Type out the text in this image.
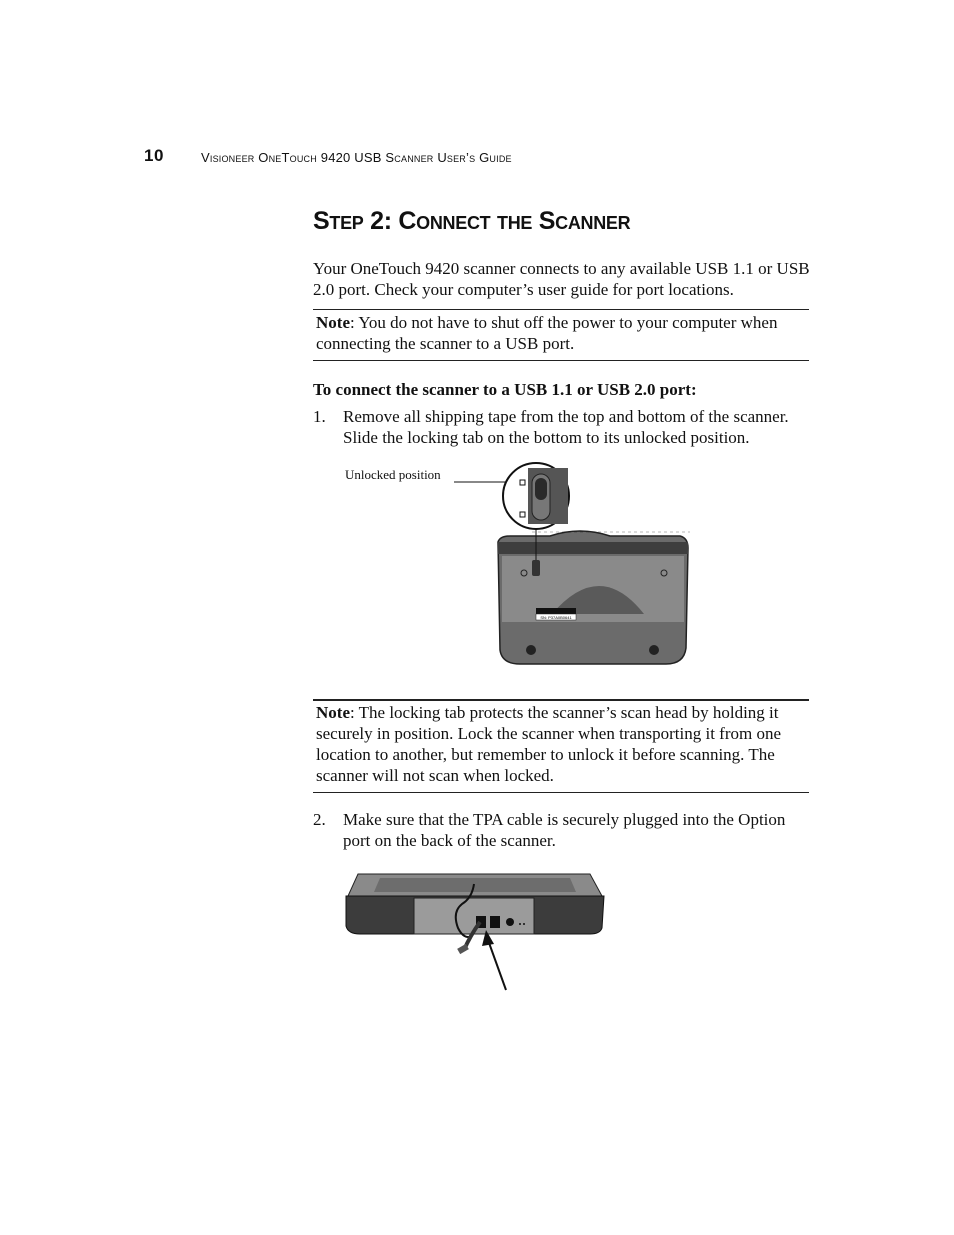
10	Visioneer OneTouch 9420 USB Scanner User’s Guide
Step 2: Connect the Scanner
Your OneTouch 9420 scanner connects to any available USB 1.1 or USB 2.0 port. Check your computer’s user guide for port locations.
Note: You do not have to shut off the power to your computer when connecting the scanner to a USB port.
To connect the scanner to a USB 1.1 or USB 2.0 port:
1. Remove all shipping tape from the top and bottom of the scanner. Slide the locking tab on the bottom to its unlocked position.
Unlocked position
SN: P37A0B0641
Note: The locking tab protects the scanner’s scan head by holding it securely in position. Lock the scanner when transporting it from one location to another, but remember to unlock it before scanning. The scanner will not scan when locked.
2. Make sure that the TPA cable is securely plugged into the Option port on the back of the scanner.
